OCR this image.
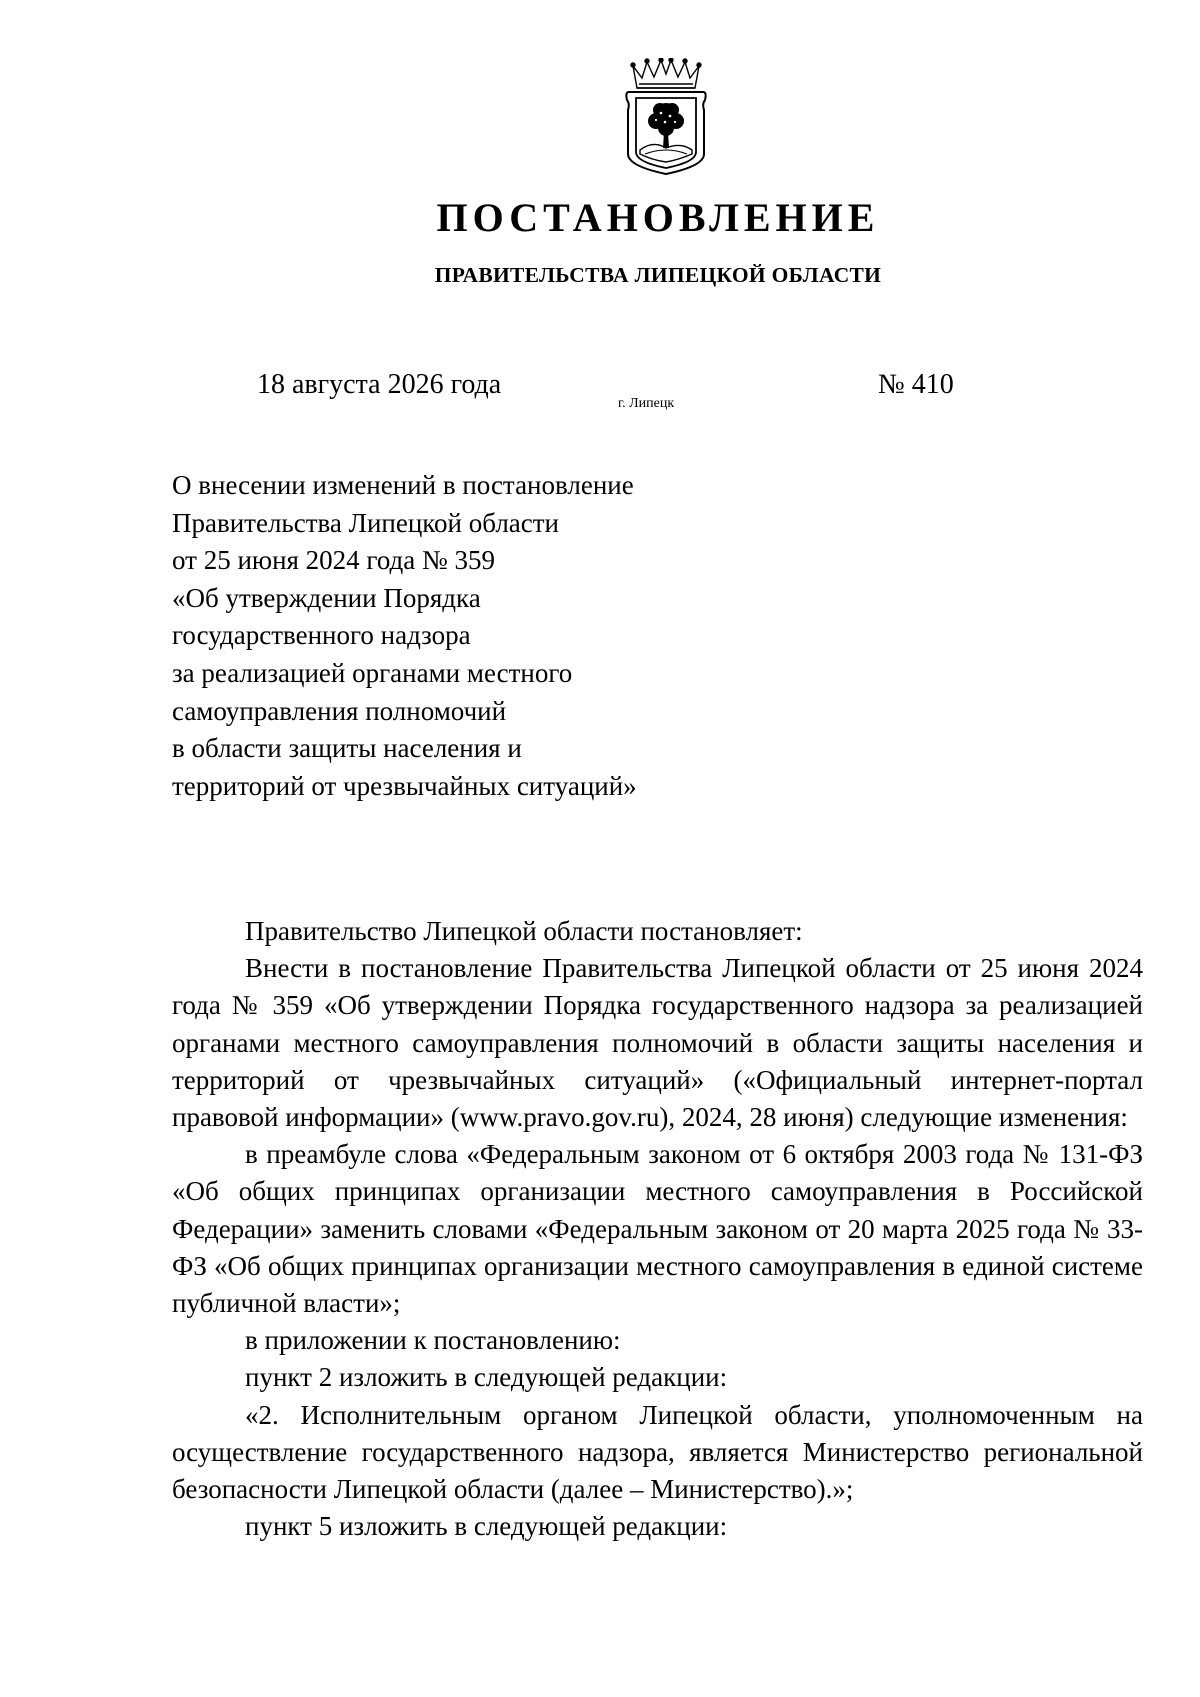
ПОСТАНОВЛЕНИЕ
ПРАВИТЕЛЬСТВА ЛИПЕЦКОЙ ОБЛАСТИ
18 августа 2026 года
г. Липецк
№ 410
О внесении изменений в постановление
Правительства Липецкой области
от 25 июня 2024 года № 359
«Об утверждении Порядка
государственного надзора
за реализацией органами местного
самоуправления полномочий
в области защиты населения и
территорий от чрезвычайных ситуаций»

Правительство Липецкой области постановляет:

Внести в постановление Правительства Липецкой области от 25 июня 2024 года № 359 «Об утверждении Порядка государственного надзора за реализацией органами местного самоуправления полномочий в области защиты населения и территорий от чрезвычайных ситуаций» («Официальный интернет-портал правовой информации» (www.pravo.gov.ru), 2024, 28 июня) следующие изменения:

в преамбуле слова «Федеральным законом от 6 октября 2003 года № 131-ФЗ «Об общих принципах организации местного самоуправления в Российской Федерации» заменить словами «Федеральным законом от 20 марта 2025 года № 33-ФЗ «Об общих принципах организации местного самоуправления в единой системе публичной власти»;

в приложении к постановлению:

пункт 2 изложить в следующей редакции:

«2. Исполнительным органом Липецкой области, уполномоченным на осуществление государственного надзора, является Министерство региональной безопасности Липецкой области (далее – Министерство).»;

пункт 5 изложить в следующей редакции:
